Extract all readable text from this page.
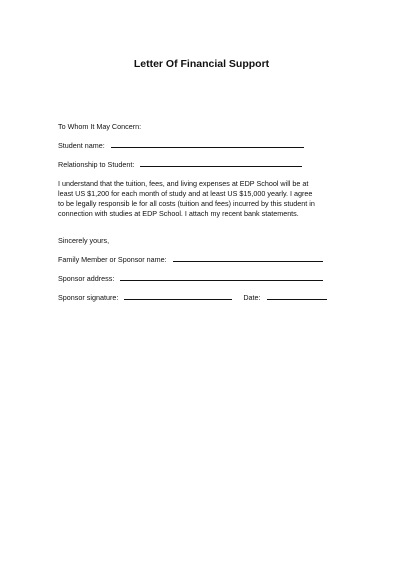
Letter Of Financial Support
To Whom It May Concern:
Student name:
Relationship to Student:
I understand that the tuition, fees, and living expenses at EDP School will be at
least US $1,200 for each month of study and at least US $15,000 yearly. I agree
to be legally responsib le for all costs (tuition and fees) incurred by this student in
connection with studies at EDP School. I attach my recent bank statements.
Sincerely yours,
Family Member or Sponsor name:
Sponsor address:
Sponsor signature:	Date:
